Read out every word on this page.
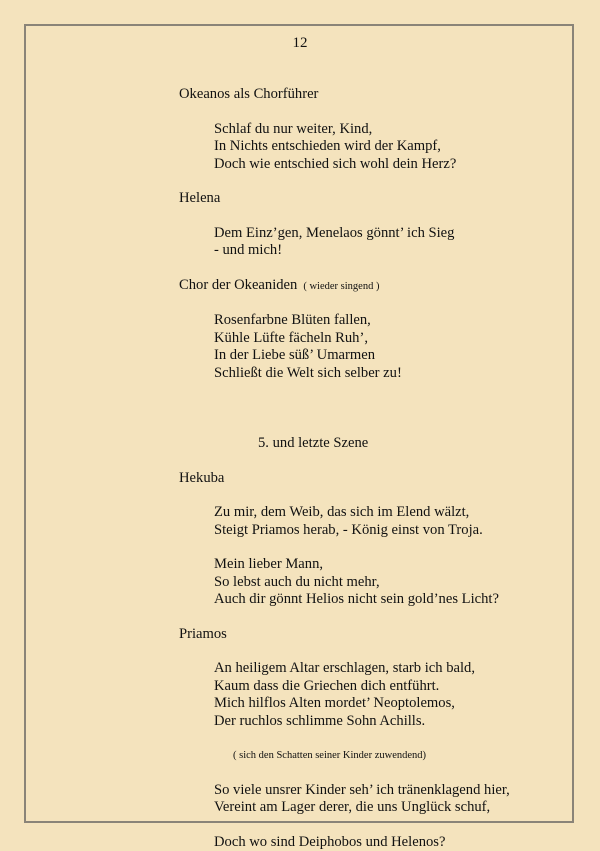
12

Okeanos als Chorführer

Schlaf du nur weiter, Kind,
In Nichts entschieden wird der Kampf,
Doch wie entschied sich wohl dein Herz?

Helena

Dem Einz’gen, Menelaos gönnt’ ich Sieg
- und mich!

Chor der Okeaniden ( wieder singend )

Rosenfarbne Blüten fallen,
Kühle Lüfte fächeln Ruh’,
In der Liebe süß’ Umarmen
Schließt die Welt sich selber zu!

5. und letzte Szene

Hekuba

Zu mir, dem Weib, das sich im Elend wälzt,
Steigt Priamos herab, - König einst von Troja.

Mein lieber Mann,
So lebst auch du nicht mehr,
Auch dir gönnt Helios nicht sein gold’nes Licht?

Priamos

An heiligem Altar erschlagen, starb ich bald,
Kaum dass die Griechen dich entführt.
Mich hilflos Alten mordet’ Neoptolemos,
Der ruchlos schlimme Sohn Achills.

( sich den Schatten seiner Kinder zuwendend)

So viele unsrer Kinder seh’ ich tränenklagend hier,
Vereint am Lager derer, die uns Unglück schuf,

Doch wo sind Deiphobos und Helenos?
